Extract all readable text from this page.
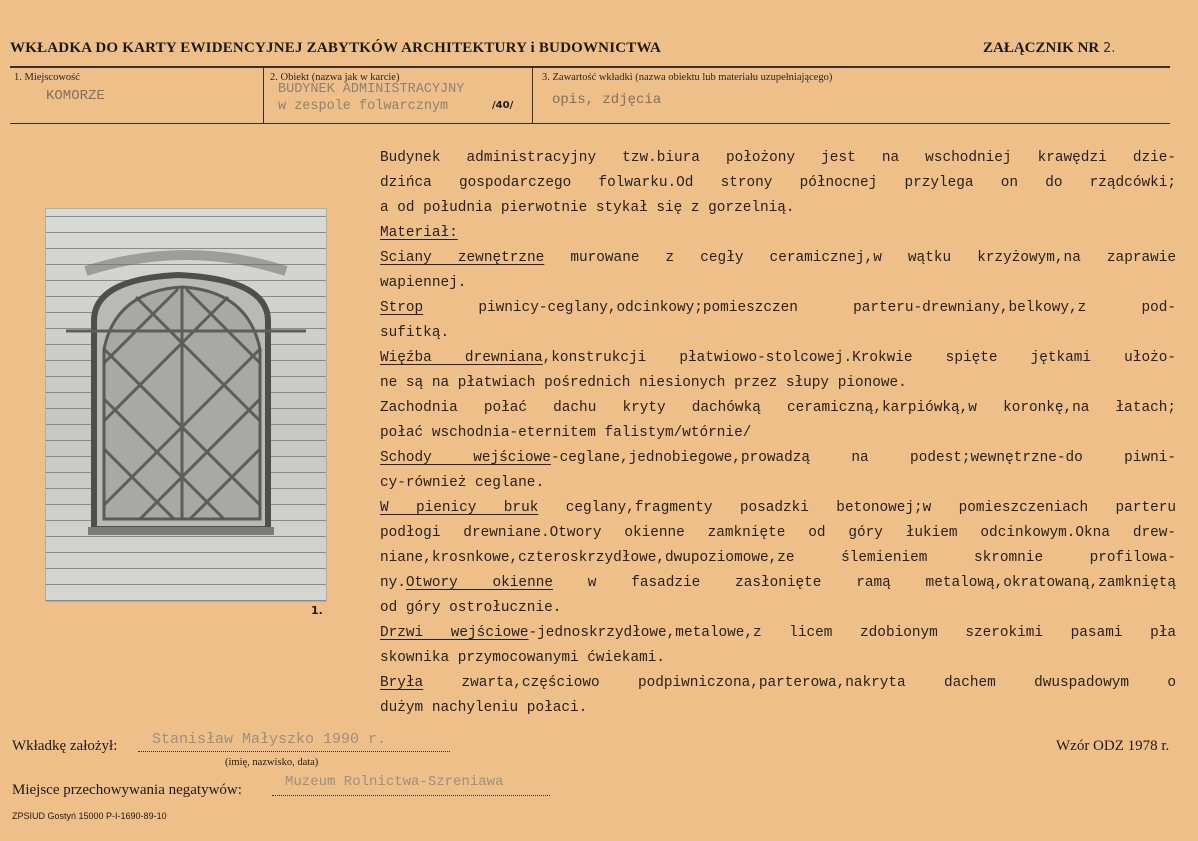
WKŁADKA DO KARTY EWIDENCYJNEJ ZABYTKÓW ARCHITEKTURY i BUDOWNICTWA	ZAŁĄCZNIK NR 2.
1. Miejscowość
KOMORZE
2. Obiekt (nazwa jak w karcie)
BUDYNEK ADMINISTRACYJNY
w zespole folwarcznym	/40/
3. Zawartość wkładki (nazwa obiektu lub materiału uzupełniającego)
opis, zdjęcia
1.
Budynek administracyjny tzw.biura położony jest na wschodniej krawędzi dzie-
dzińca gospodarczego folwarku.Od strony północnej przylega on do rządcówki;
a od południa pierwotnie stykał się z gorzelnią.
Materiał:
Sciany zewnętrzne murowane z cegły ceramicznej,w wątku krzyżowym,na zaprawie
wapiennej.
Strop piwnicy-ceglany,odcinkowy;pomieszczen parteru-drewniany,belkowy,z pod-
sufitką.
Więźba drewniana,konstrukcji płatwiowo-stolcowej.Krokwie spięte jętkami ułożo-
ne są na płatwiach pośrednich niesionych przez słupy pionowe.
Zachodnia połać dachu kryty dachówką ceramiczną,karpiówką,w koronkę,na łatach;
połać wschodnia-eternitem falistym/wtórnie/
Schody wejściowe-ceglane,jednobiegowe,prowadzą na podest;wewnętrzne-do piwni-
cy-również ceglane.
W pienicy bruk ceglany,fragmenty posadzki betonowej;w pomieszczeniach parteru
podłogi drewniane.Otwory okienne zamknięte od góry łukiem odcinkowym.Okna drew-
niane,krosnkowe,czteroskrzydłowe,dwupoziomowe,ze ślemieniem skromnie profilowa-
ny.Otwory okienne w fasadzie zasłonięte ramą metalową,okratowaną,zamkniętą
od góry ostrołucznie.
Drzwi wejściowe-jednoskrzydłowe,metalowe,z licem zdobionym szerokimi pasami pła
skownika przymocowanymi ćwiekami.
Bryła zwarta,częściowo podpiwniczona,parterowa,nakryta dachem dwuspadowym o
dużym nachyleniu połaci.
Wkładkę założył: Stanisław Małyszko 1990 r.
(imię, nazwisko, data)
Wzór ODZ 1978 r.
Miejsce przechowywania negatywów:	Muzeum Rolnictwa-Szreniawa
ZPSIUD Gostyń 15000 P-I-1690-89-10
